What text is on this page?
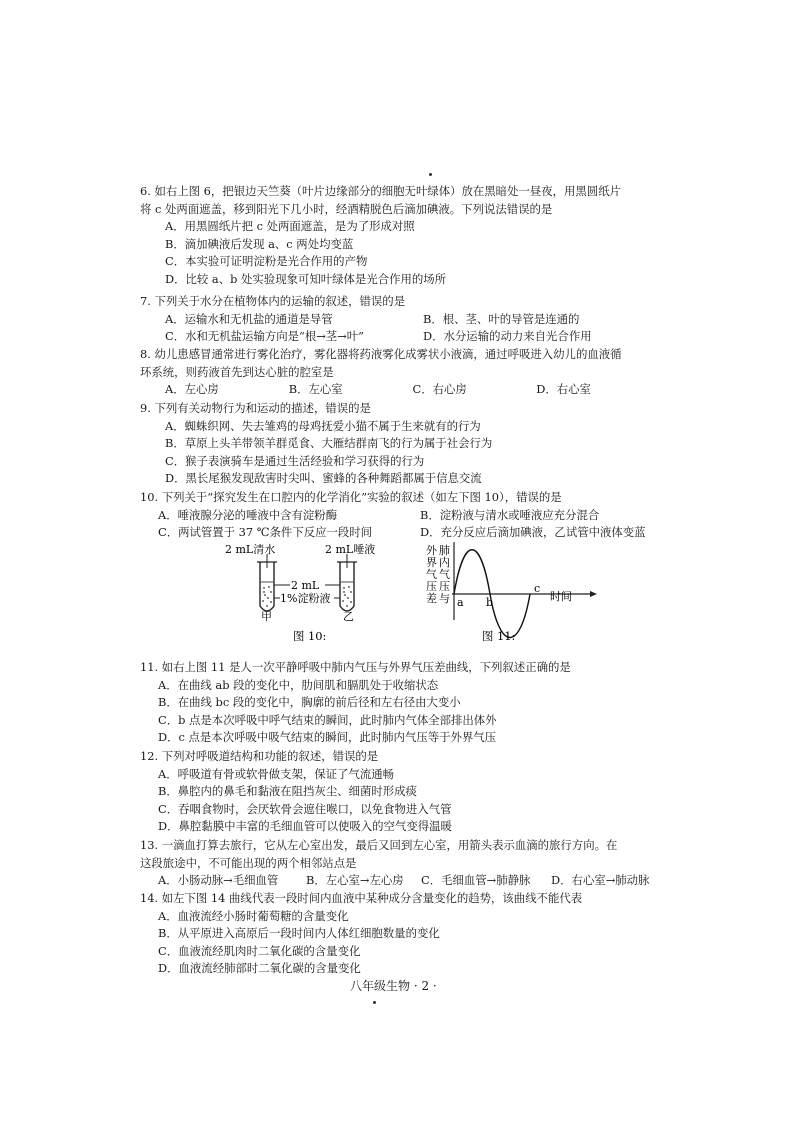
6. 如右上图 6，把银边天竺葵（叶片边缘部分的细胞无叶绿体）放在黑暗处一昼夜，用黑圆纸片
将 c 处两面遮盖，移到阳光下几小时，经酒精脱色后滴加碘液。下列说法错误的是
A．用黑圆纸片把 c 处两面遮盖，是为了形成对照
B．滴加碘液后发现 a、c 两处均变蓝
C．本实验可证明淀粉是光合作用的产物
D．比较 a、b 处实验现象可知叶绿体是光合作用的场所
7. 下列关于水分在植物体内的运输的叙述，错误的是
A．运输水和无机盐的通道是导管	B．根、茎、叶的导管是连通的
C．水和无机盐运输方向是“根→茎→叶”	D．水分运输的动力来自光合作用
8. 幼儿患感冒通常进行雾化治疗，雾化器将药液雾化成雾状小液滴，通过呼吸进入幼儿的血液循
环系统，则药液首先到达心脏的腔室是
A．左心房	B．左心室	C．右心房	D．右心室
9. 下列有关动物行为和运动的描述，错误的是
A．蜘蛛织网、失去雏鸡的母鸡抚爱小猫不属于生来就有的行为
B．草原上头羊带领羊群觅食、大雁结群南飞的行为属于社会行为
C．猴子表演骑车是通过生活经验和学习获得的行为
D．黑长尾猴发现敌害时尖叫、蜜蜂的各种舞蹈都属于信息交流
10. 下列关于“探究发生在口腔内的化学消化”实验的叙述（如左下图 10），错误的是
A．唾液腺分泌的唾液中含有淀粉酶	B．淀粉液与清水或唾液应充分混合
C．两试管置于 37 ℃条件下反应一段时间	D．充分反应后滴加碘液，乙试管中液体变蓝
2 mL清水	2 mL唾液
2 mL
1%淀粉液
甲	乙
图 10:
外
界
气
压
差
肺
内
气
压
与 a b
c
时间
图 11:
11. 如右上图 11 是人一次平静呼吸中肺内气压与外界气压差曲线，下列叙述正确的是
A．在曲线 ab 段的变化中，肋间肌和膈肌处于收缩状态
B．在曲线 bc 段的变化中，胸廓的前后径和左右径由大变小
C．b 点是本次呼吸中呼气结束的瞬间，此时肺内气体全部排出体外
D．c 点是本次呼吸中吸气结束的瞬间，此时肺内气压等于外界气压
12. 下列对呼吸道结构和功能的叙述，错误的是
A．呼吸道有骨或软骨做支架，保证了气流通畅
B．鼻腔内的鼻毛和黏液在阻挡灰尘、细菌时形成痰
C．吞咽食物时，会厌软骨会遮住喉口，以免食物进入气管
D．鼻腔黏膜中丰富的毛细血管可以使吸入的空气变得温暖
13. 一滴血打算去旅行，它从左心室出发，最后又回到左心室，用箭头表示血滴的旅行方向。在
这段旅途中，不可能出现的两个相邻站点是
A．小肠动脉→毛细血管	B．左心室→左心房	C．毛细血管→肺静脉	D．右心室→肺动脉
14. 如左下图 14 曲线代表一段时间内血液中某种成分含量变化的趋势，该曲线不能代表
A．血液流经小肠时葡萄糖的含量变化
B．从平原进入高原后一段时间内人体红细胞数量的变化
C．血液流经肌肉时二氧化碳的含量变化
D．血液流经肺部时二氧化碳的含量变化
八年级生物 · 2 ·
